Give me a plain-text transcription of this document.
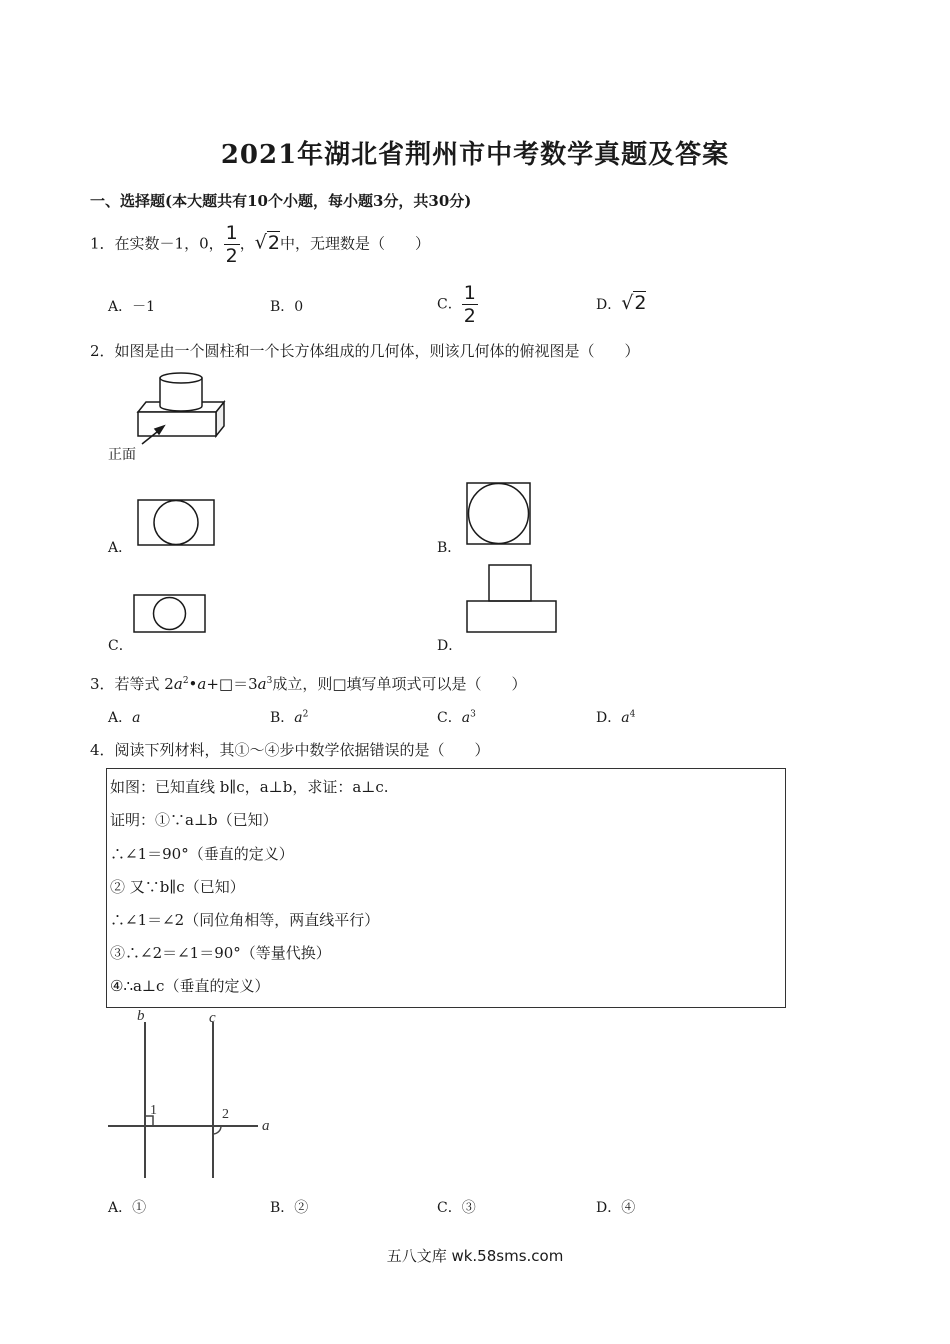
2021年湖北省荆州市中考数学真题及答案
一、选择题(本大题共有10个小题，每小题3分，共30分)
1．在实数－1，0， $\frac{1}{2}$ ，√2中，无理数是（　　）
A．－1	B．0	C． $\frac{1}{2}$	D．√2
2．如图是由一个圆柱和一个长方体组成的几何体，则该几何体的俯视图是（　　）
正面
A．	B．
C．	D．
3．若等式 $2a^2•a+□=3a^3$成立，则□填写单项式可以是（　　）
A．a	B．$a^2$	C．$a^3$	D．$a^4$
4．阅读下列材料，其①～④步中数学依据错误的是（　　）
如图：已知直线 b∥c，a⊥b，求证：a⊥c.
证明：①∵a⊥b（已知）
∴∠1＝90°（垂直的定义）
② 又∵b∥c（已知）
∴∠1＝∠2（同位角相等，两直线平行）
③∴∠2＝∠1＝90°（等量代换）
④∴a⊥c（垂直的定义）
b	c
a
1	2
A．①	B．②	C．③	D．④
五八文库 wk.58sms.com
